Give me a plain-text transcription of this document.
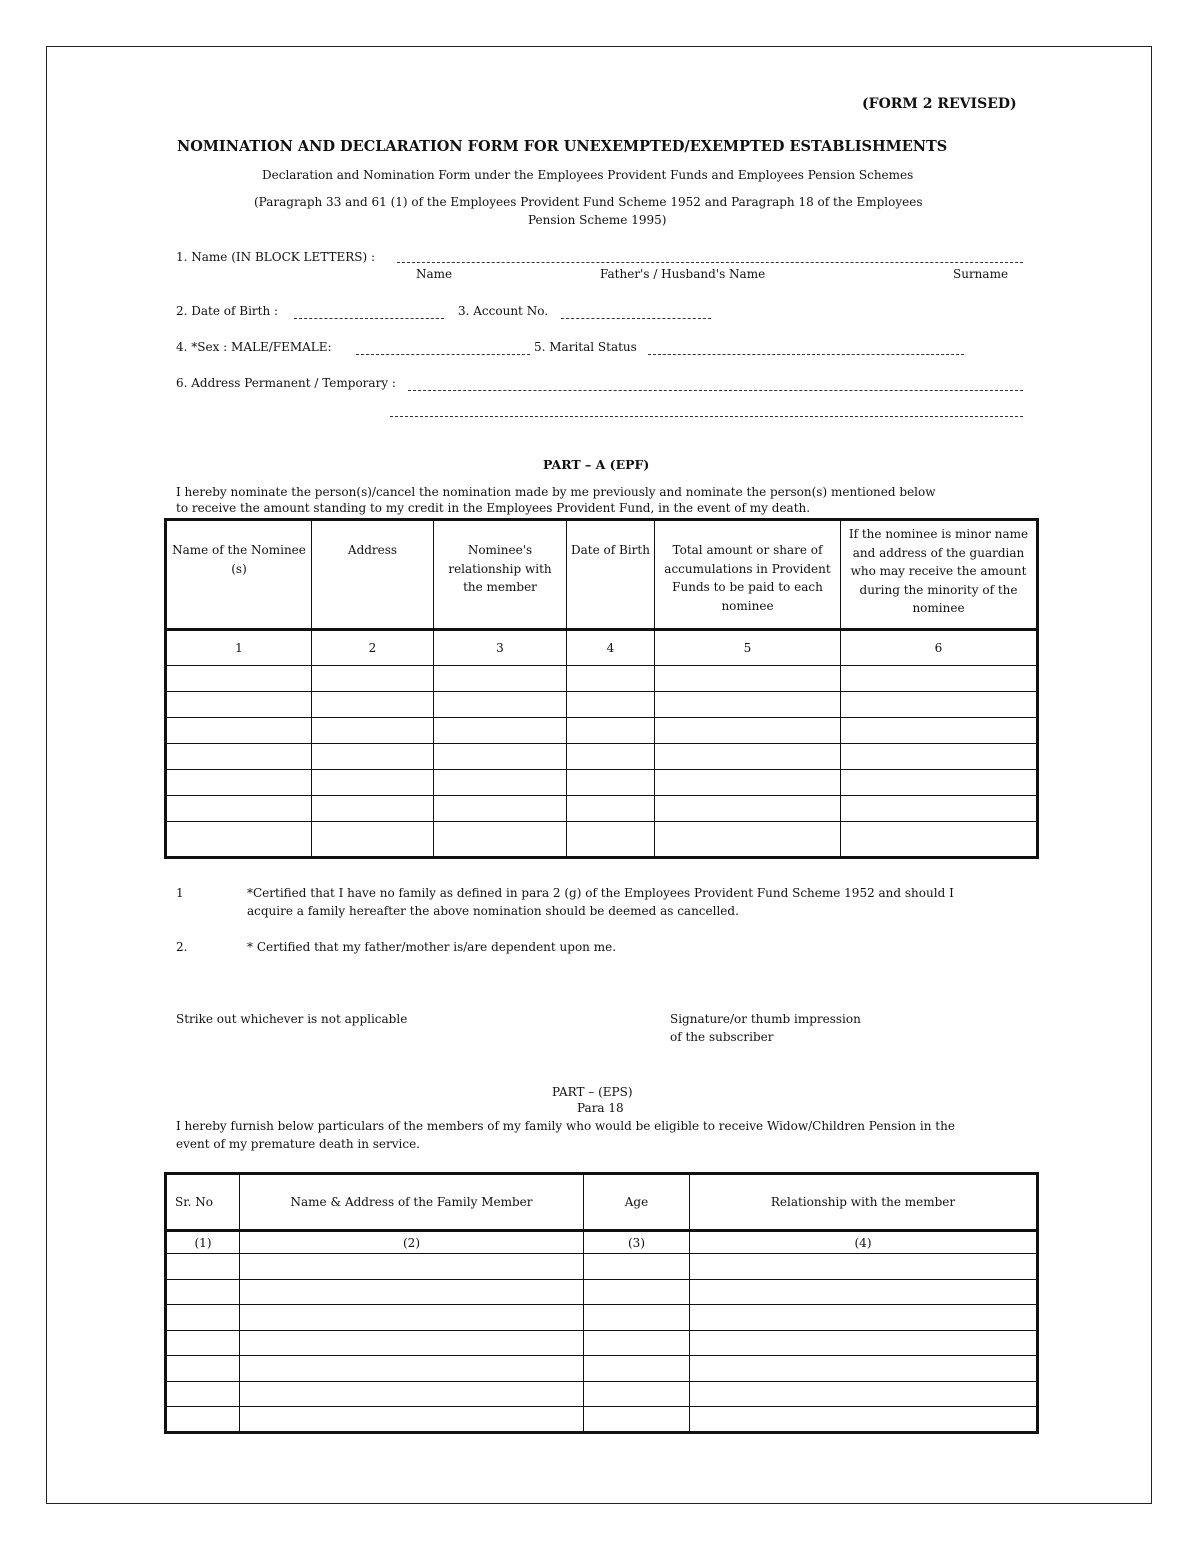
(FORM 2 REVISED)
NOMINATION AND DECLARATION FORM FOR UNEXEMPTED/EXEMPTED ESTABLISHMENTS
Declaration and Nomination Form under the Employees Provident Funds and Employees Pension Schemes
(Paragraph 33 and 61 (1) of the Employees Provident Fund Scheme 1952 and Paragraph 18 of the Employees
Pension Scheme 1995)
1. Name (IN BLOCK LETTERS) :
Name	Father's / Husband's Name	Surname
2. Date of Birth :	3. Account No.
4. *Sex : MALE/FEMALE:	5. Marital Status
6. Address Permanent / Temporary :
PART – A (EPF)
I hereby nominate the person(s)/cancel the nomination made by me previously and nominate the person(s) mentioned below
to receive the amount standing to my credit in the Employees Provident Fund, in the event of my death.
Name of the Nominee (s)	Address	Nominee's relationship with the member	Date of Birth	Total amount or share of accumulations in Provident Funds to be paid to each nominee	If the nominee is minor name and address of the guardian who may receive the amount during the minority of the nominee
1	2	3	4	5	6

1	*Certified that I have no family as defined in para 2 (g) of the Employees Provident Fund Scheme 1952 and should I
acquire a family hereafter the above nomination should be deemed as cancelled.
2.	* Certified that my father/mother is/are dependent upon me.
Strike out whichever is not applicable	Signature/or thumb impression
of the subscriber
PART – (EPS)
Para 18
I hereby furnish below particulars of the members of my family who would be eligible to receive Widow/Children Pension in the
event of my premature death in service.
Sr. No	Name & Address of the Family Member	Age	Relationship with the member
(1)	(2)	(3)	(4)
